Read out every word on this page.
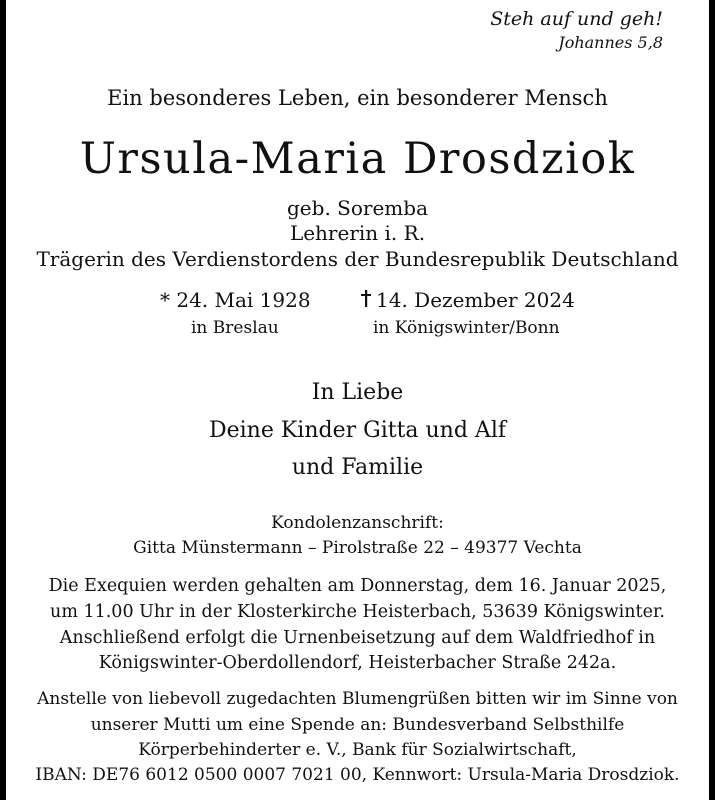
Steh auf und geh!
Johannes 5,8
Ein besonderes Leben, ein besonderer Mensch
Ursula-Maria Drosdziok
geb. Soremba
Lehrerin i. R.
Trägerin des Verdienstordens der Bundesrepublik Deutschland
* 24. Mai 1928
in Breslau
14. Dezember 2024
in Königswinter/Bonn
In Liebe
Deine Kinder Gitta und Alf
und Familie
Kondolenzanschrift:
Gitta Münstermann – Pirolstraße 22 – 49377 Vechta
Die Exequien werden gehalten am Donnerstag, dem 16. Januar 2025,
um 11.00 Uhr in der Klosterkirche Heisterbach, 53639 Königswinter.
Anschließend erfolgt die Urnenbeisetzung auf dem Waldfriedhof in
Königswinter-Oberdollendorf, Heisterbacher Straße 242a.
Anstelle von liebevoll zugedachten Blumengrüßen bitten wir im Sinne von
unserer Mutti um eine Spende an: Bundesverband Selbsthilfe
Körperbehinderter e. V., Bank für Sozialwirtschaft,
IBAN: DE76 6012 0500 0007 7021 00, Kennwort: Ursula-Maria Drosdziok.
